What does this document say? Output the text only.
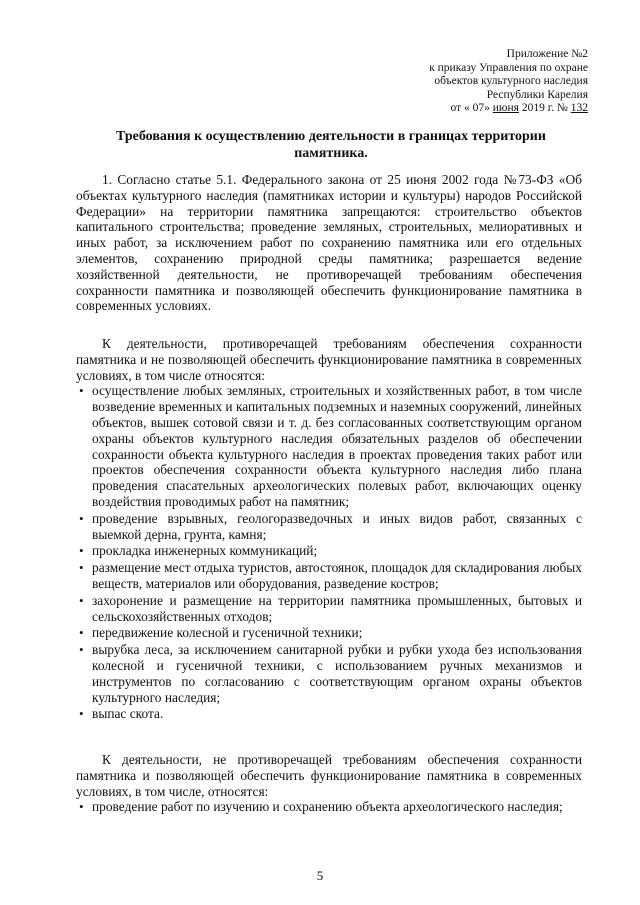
Приложение №2
к приказу Управления по охране
объектов культурного наследия
Республики Карелия
от « 07» июня 2019 г. № 132
Требования к осуществлению деятельности в границах территории памятника.

1. Согласно статье 5.1. Федерального закона от 25 июня 2002 года №73-ФЗ «Об объектах культурного наследия (памятниках истории и культуры) народов Российской Федерации» на территории памятника запрещаются: строительство объектов капитального строительства; проведение земляных, строительных, мелиоративных и иных работ, за исключением работ по сохранению памятника или его отдельных элементов, сохранению природной среды памятника; разрешается ведение хозяйственной деятельности, не противоречащей требованиям обеспечения сохранности памятника и позволяющей обеспечить функционирование памятника в современных условиях.

К деятельности, противоречащей требованиям обеспечения сохранности памятника и не позволяющей обеспечить функционирование памятника в современных условиях, в том числе относятся:

• осуществление любых земляных, строительных и хозяйственных работ, в том числе возведение временных и капитальных подземных и наземных сооружений, линейных объектов, вышек сотовой связи и т. д. без согласованных соответствующим органом охраны объектов культурного наследия обязательных разделов об обеспечении сохранности объекта культурного наследия в проектах проведения таких работ или проектов обеспечения сохранности объекта культурного наследия либо плана проведения спасательных археологических полевых работ, включающих оценку воздействия проводимых работ на памятник;
• проведение взрывных, геологоразведочных и иных видов работ, связанных с выемкой дерна, грунта, камня;
• прокладка инженерных коммуникаций;
• размещение мест отдыха туристов, автостоянок, площадок для складирования любых веществ, материалов или оборудования, разведение костров;
• захоронение и размещение на территории памятника промышленных, бытовых и сельскохозяйственных отходов;
• передвижение колесной и гусеничной техники;
• вырубка леса, за исключением санитарной рубки и рубки ухода без использования колесной и гусеничной техники, с использованием ручных механизмов и инструментов по согласованию с соответствующим органом охраны объектов культурного наследия;
• выпас скота.

К деятельности, не противоречащей требованиям обеспечения сохранности памятника и позволяющей обеспечить функционирование памятника в современных условиях, в том числе, относятся:

• проведение работ по изучению и сохранению объекта археологического наследия;
5
